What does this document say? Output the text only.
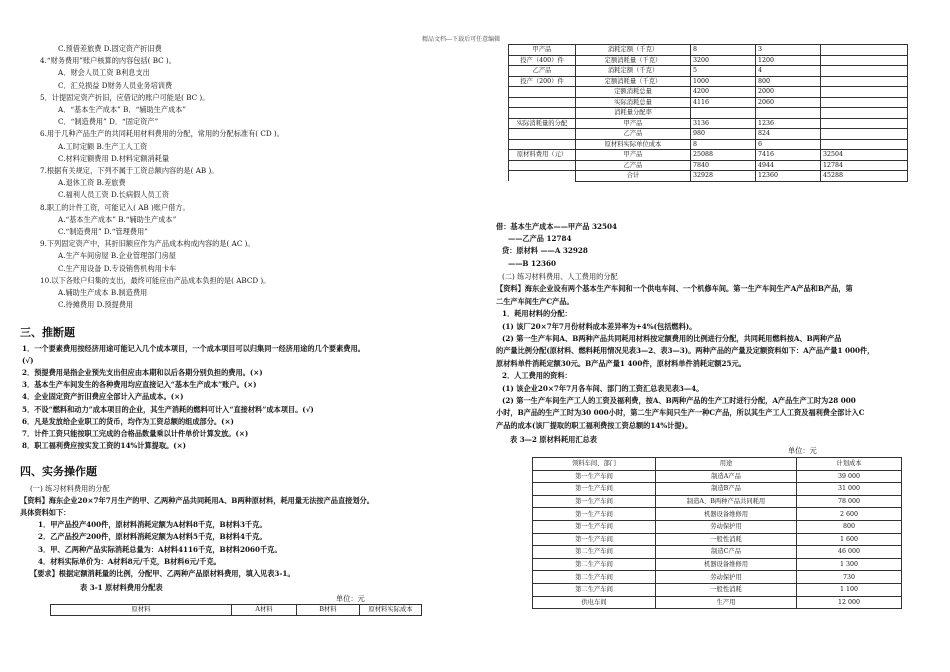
精品文档---下载后可任意编辑
C.预借差旅费 D.固定资产折旧费
4.“财务费用”账户核算的内容包括( BC )。
A．财会人员工资 B利息支出
C．汇兑损益 D财务人员业务培训费
5．计提固定资产折旧，应借记的账户可能是( BC )。
A．“基本生产成本” B．“辅助生产成本”
C．“制造费用” D．“固定资产”
6.用于几种产品生产的共同耗用材料费用的分配，常用的分配标准有( CD )。
A.工时定额 B.生产工人工资
C.材料定额费用 D.材料定额消耗量
7.根据有关规定，下列不属于工资总额内容的是( AB )。
A.退休工资 B.差旅费
C.福利人员工资 D.长病假人员工资
8.职工的计件工资，可能记入( AB )账户借方。
A.“基本生产成本” B.“辅助生产成本”
C.“制造费用” D.“管理费用”
9.下列固定资产中，其折旧额应作为产品成本构成内容的是( AC )。
A.生产车间房屋 B.企业管理部门房屋
C.生产用设备 D.专设销售机构用卡车
10.以下各账户归集的支出，最终可能应由产品成本负担的是( ABCD )。
A.辅助生产成本 B.制造费用
C.待摊费用 D.预提费用
三、推断题
1．一个要素费用按经济用途可能记入几个成本项目，一个成本项目可以归集同一经济用途的几个要素费用。
(√)
2．预提费用是指企业预先支出但应由本期和以后各期分别负担的费用。(×)
3．基本生产车间发生的各种费用均应直接记入“基本生产成本”账户。(×)
4．企业固定资产折旧费应全部计入产品成本。(×)
5．不设“燃料和动力”成本项目的企业，其生产消耗的燃料可计入“直接材料”成本项目。(√)
6．凡是发放给企业职工的货币，均作为工资总额的组成部分。(×)
7．计件工资只能按职工完成的合格品数量乘以计件单价计算发放。(×)
8．职工福利费应按实发工资的14%计算提取。(×)
四、实务操作题
(一) 练习材料费用的分配
【资料】海东企业20×7年7月生产的甲、乙两种产品共同耗用A、B两种原材料，耗用量无法按产品直接划分。
具体资料如下：
1．甲产品投产400件，原材料消耗定额为A材料8千克，B材料3千克。
2．乙产品投产200件，原材料消耗定额为A材料5千克，B材料4千克。
3．甲、乙两种产品实际消耗总量为：A材料4116千克，B材料2060千克。
4．材料实际单价为：A材料8元/千克，B材料6元/千克。
【要求】根据定额消耗量的比例，分配甲、乙两种产品原材料费用，填入见表3-1。
表 3-1 原材料费用分配表
单位：元
原材料	A材料	B材料	原材料实际成本
甲产品	消耗定额（千克）	8	3	
投产（400）件	定额消耗量（千克）	3200	1200	
乙产品	消耗定额（千克）	5	4	
投产（200）件	定额消耗量（千克）	1000	800	
	定额消耗总量	4200	2000	
	实际消耗总量	4116	2060	
	消耗量分配率			
实际消耗量的分配	甲产品	3136	1236	
	乙产品	980	824	
	原材料实际单位成本	8	6	
原材料费用（元）	甲产品	25088	7416	32504
	乙产品	7840	4944	12784
	合计	32928	12360	45288
借：基本生产成本——甲产品 32504
——乙产品 12784
贷：原材料 ——A 32928
——B 12360
(二) 练习材料费用、人工费用的分配
【资料】海东企业设有两个基本生产车间和一个供电车间、一个机修车间。第一生产车间生产A产品和B产品，第
二生产车间生产C产品。
1．耗用材料的分配：
(1) 该厂20×7年7月份材料成本差异率为+4%(包括燃料)。
(2) 第一生产车间A、B两种产品共同耗用材料按定额费用的比例进行分配，共同耗用燃料按A、B两种产品
的产量比例分配(原材料、燃料耗用情况见表3—2、表3—3)。两种产品的产量及定额资料如下：A产品产量1 000件，
原材料单件消耗定额30元。B产品产量1 400件，原材料单件消耗定额25元。
2．人工费用的资料：
(1) 该企业20×7年7月各车间、部门的工资汇总表见表3—4。
(2) 第一生产车间生产工人的工资及福利费，按A、B两种产品的生产工时进行分配，A产品生产工时为28 000
小时，B产品的生产工时为30 000小时，第二生产车间只生产一种C产品，所以其生产工人工资及福利费全部计入C
产品的成本(该厂提取的职工福利费按工资总额的14%计提)。
表 3—2 原材料耗用汇总表
单位：元
领料车间、部门	用途	计划成本
第一生产车间	制造A产品	39 000
第一生产车间	制造B产品	31 000
第一生产车间	制造A、B两种产品共同耗用	78 000
第一生产车间	机器设备维修用	2 600
第一生产车间	劳动保护用	800
第一生产车间	一般性消耗	1 600
第二生产车间	制造C产品	46 000
第二生产车间	机器设备维修用	1 300
第二生产车间	劳动保护用	730
第二生产车间	一般性消耗	1 100
供电车间	生产用	12 000
